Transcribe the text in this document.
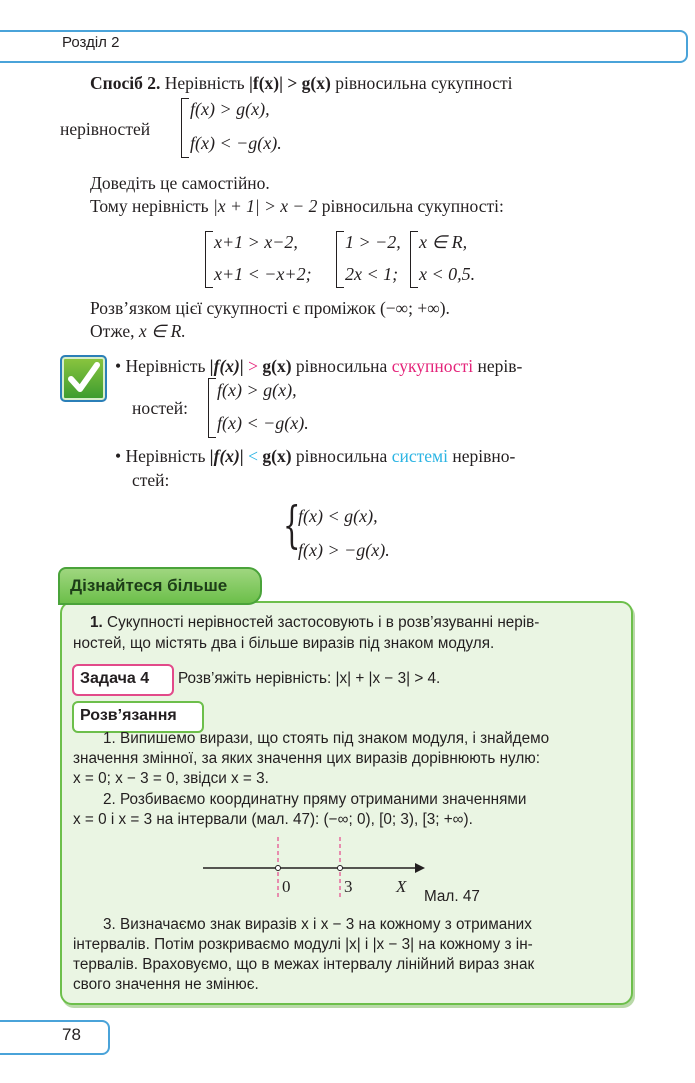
Розділ 2
Спосіб 2. Нерівність |f(x)| > g(x) рівносильна сукупності
нерівностей
f(x) > g(x),
f(x) < −g(x).
Доведіть це самостійно.
Тому нерівність |x + 1| > x − 2 рівносильна сукупності:
x+1 > x−2,
x+1 < −x+2;
1 > −2,
2x < 1;
x ∈ R,
x < 0,5.
Розв’язком цієї сукупності є проміжок (−∞; +∞).
Отже, x ∈ R.
• Нерівність |f(x)| > g(x) рівносильна сукупності нерів-
ностей:
f(x) > g(x),
f(x) < −g(x).
• Нерівність |f(x)| < g(x) рівносильна системі нерівно-
стей:
{
f(x) < g(x),
f(x) > −g(x).
Дізнайтеся більше
1. Сукупності нерівностей застосовують і в розв’язуванні нерів-
ностей, що містять два і більше виразів під знаком модуля.
Задача 4 Розв’яжіть нерівність: |x| + |x − 3| > 4.
Розв’язання
1. Випишемо вирази, що стоять під знаком модуля, і знайдемо
значення змінної, за яких значення цих виразів дорівнюють нулю:
x = 0; x − 3 = 0, звідси x = 3.
2. Розбиваємо координатну пряму отриманими значеннями
x = 0 і x = 3 на інтервали (мал. 47): (−∞; 0), [0; 3), [3; +∞).
0	3	X
Мал. 47
3. Визначаємо знак виразів x і x − 3 на кожному з отриманих
інтервалів. Потім розкриваємо модулі |x| і |x − 3| на кожному з ін-
тервалів. Враховуємо, що в межах інтервалу лінійний вираз знак
свого значення не змінює.
78
